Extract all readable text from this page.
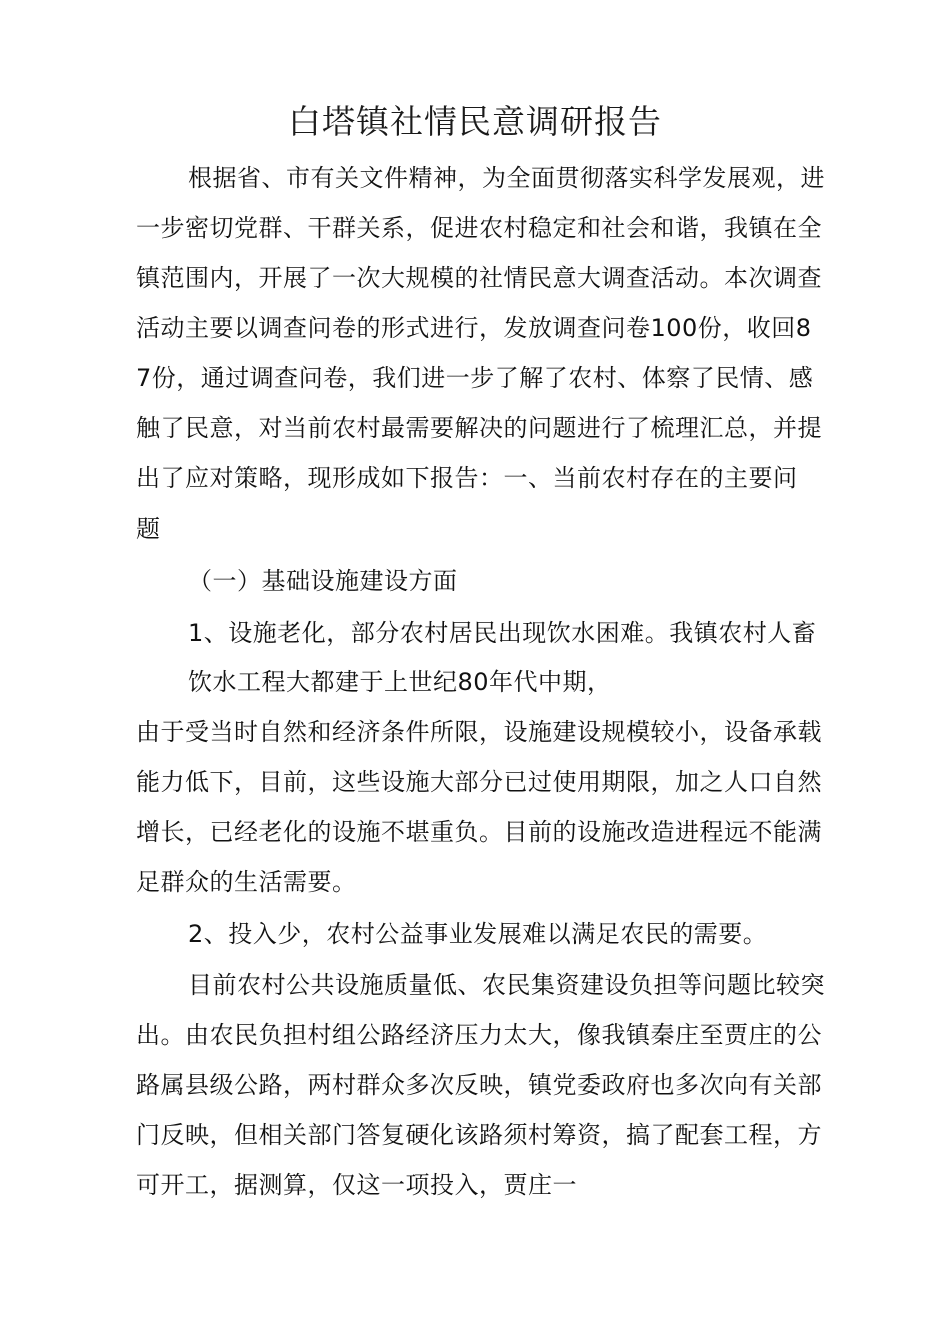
白塔镇社情民意调研报告

根据省、市有关文件精神，为全面贯彻落实科学发展观，进

一步密切党群、干群关系，促进农村稳定和社会和谐，我镇在全

镇范围内，开展了一次大规模的社情民意大调查活动。本次调查

活动主要以调查问卷的形式进行，发放调查问卷100份，收回8

7份，通过调查问卷，我们进一步了解了农村、体察了民情、感

触了民意，对当前农村最需要解决的问题进行了梳理汇总，并提

出了应对策略，现形成如下报告：一、当前农村存在的主要问

题

（一）基础设施建设方面

1、设施老化，部分农村居民出现饮水困难。我镇农村人畜

饮水工程大都建于上世纪80年代中期，

由于受当时自然和经济条件所限，设施建设规模较小，设备承载

能力低下，目前，这些设施大部分已过使用期限，加之人口自然

增长，已经老化的设施不堪重负。目前的设施改造进程远不能满

足群众的生活需要。

2、投入少，农村公益事业发展难以满足农民的需要。

目前农村公共设施质量低、农民集资建设负担等问题比较突

出。由农民负担村组公路经济压力太大，像我镇秦庄至贾庄的公

路属县级公路，两村群众多次反映，镇党委政府也多次向有关部

门反映，但相关部门答复硬化该路须村筹资，搞了配套工程，方

可开工，据测算，仅这一项投入，贾庄一
